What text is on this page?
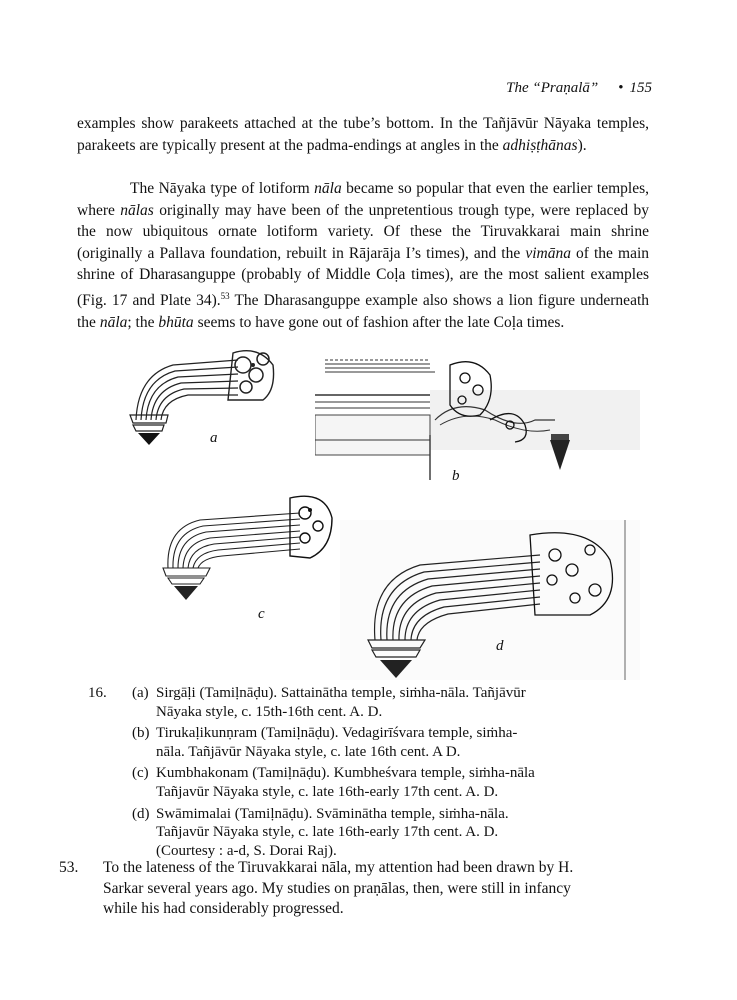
The “Praṇalā” • 155

examples show parakeets attached at the tube’s bottom. In the Tañjāvūr Nāyaka temples, parakeets are typically present at the padma-endings at angles in the adhiṣṭhānas).

The Nāyaka type of lotiform nāla became so popular that even the earlier temples, where nālas originally may have been of the unpretentious trough type, were replaced by the now ubiquitous ornate lotiform variety. Of these the Tiruvakkarai main shrine (originally a Pallava foundation, rebuilt in Rājarāja I’s times), and the vimāna of the main shrine of Dharasanguppe (probably of Middle Coḷa times), are the most salient examples (Fig. 17 and Plate 34).$^{53}$ The Dharasanguppe example also shows a lion figure underneath the nāla; the bhūta seems to have gone out of fashion after the late Coḷa times.

a
b
c
d
16.	(a) Sirgāḷi (Tamiḷnāḍu). Sattainātha temple, siṁha-nāla. Tañjāvūr
Nāyaka style, c. 15th-16th cent. A. D.
(b) Tirukaḷikunṇram (Tamiḷnāḍu). Vedagirīśvara temple, siṁha-
nāla. Tañjāvūr Nāyaka style, c. late 16th cent. A D.
(c) Kumbhakonam (Tamiḷnāḍu). Kumbheśvara temple, siṁha-nāla
Tañjavūr Nāyaka style, c. late 16th-early 17th cent. A. D.
(d) Swāmimalai (Tamiḷnāḍu). Svāminātha temple, siṁha-nāla.
Tañjavūr Nāyaka style, c. late 16th-early 17th cent. A. D.
(Courtesy : a-d, S. Dorai Raj).
53. To the lateness of the Tiruvakkarai nāla, my attention had been drawn by H.
Sarkar several years ago. My studies on praṇālas, then, were still in infancy
while his had considerably progressed.
